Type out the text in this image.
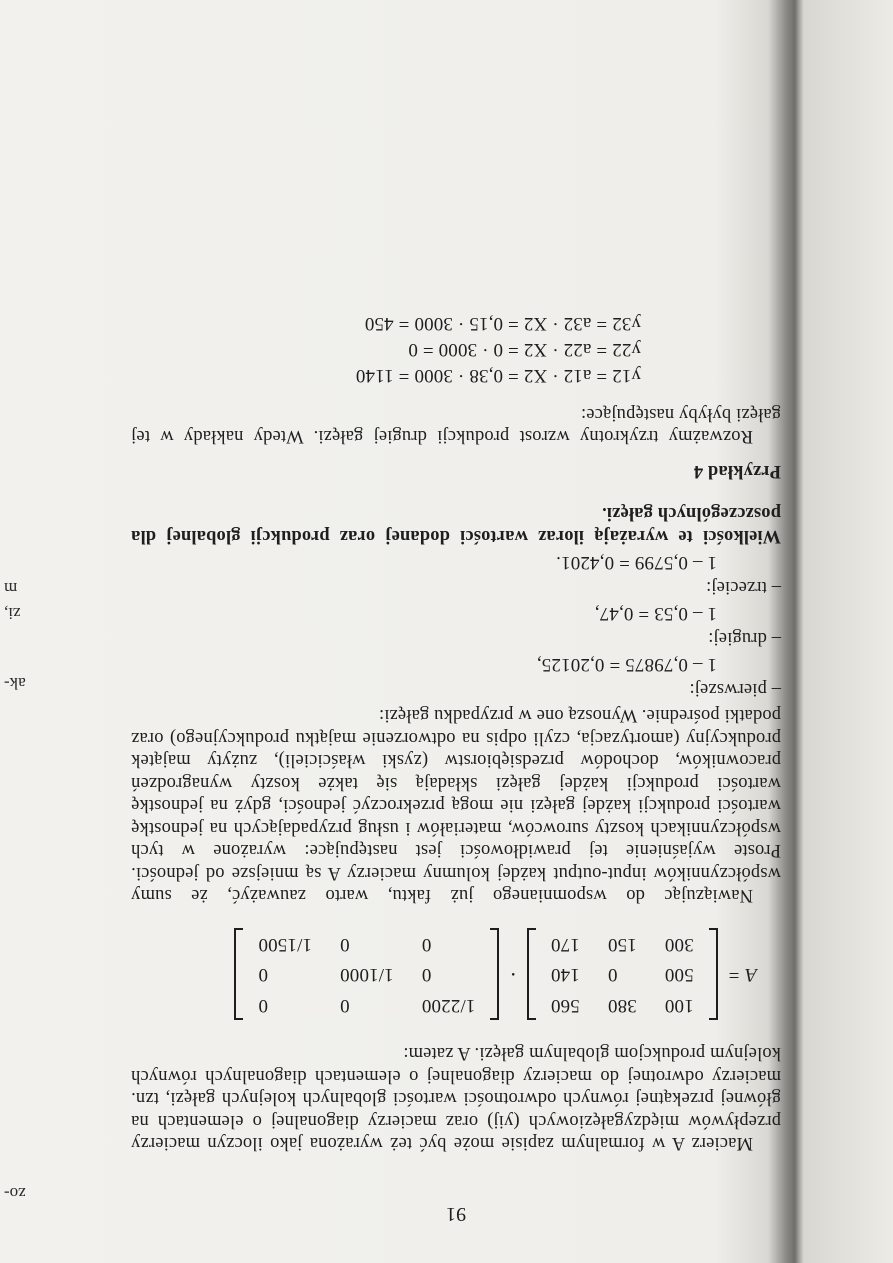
91

Macierz A w formalnym zapisie może być też wyrażona jako iloczyn macierzy przepływów międzygałęziowych (yij) oraz macierzy diagonalnej o elementach na głównej przekątnej równych odwrotności wartości globalnych kolejnych gałęzi, tzn. macierzy odwrotnej do macierzy diagonalnej o elementach diagonalnych równych kolejnym produkcjom globalnym gałęzi. A zatem:

A =
100	380	560
500	0	140
300	150	170
·
1/2200	0	0
0	1/1000	0
0	0	1/1500

Nawiązując do wspomnianego już faktu, warto zauważyć, że sumy współczynników input-output każdej kolumny macierzy A są mniejsze od jedności. Proste wyjaśnienie tej prawidłowości jest następujące: wyrażone w tych współczynnikach koszty surowców, materiałów i usług przypadających na jednostkę wartości produkcji każdej gałęzi nie mogą przekroczyć jedności, gdyż na jednostkę wartości produkcji każdej gałęzi składają się także koszty wynagrodzeń pracowników, dochodów przedsiębiorstw (zyski właścicieli), zużyty majątek produkcyjny (amortyzacja, czyli odpis na odtworzenie majątku produkcyjnego) oraz podatki pośrednie. Wynoszą one w przypadku gałęzi:

– pierwszej:
1 – 0,79875 = 0,20125,
– drugiej:
1 – 0,53 = 0,47,
– trzeciej:
1 – 0,5799 = 0,4201.

Wielkości te wyrażają iloraz wartości dodanej oraz produkcji globalnej dla poszczególnych gałęzi.

Przykład 4

Rozważmy trzykrotny wzrost produkcji drugiej gałęzi. Wtedy nakłady w tej gałęzi byłyby następujące:

y12 = a12 · X2 = 0,38 · 3000 = 1140
y22 = a22 · X2 = 0 · 3000 = 0
y32 = a32 · X2 = 0,15 · 3000 = 450
zo-
ak-
zi,
m
